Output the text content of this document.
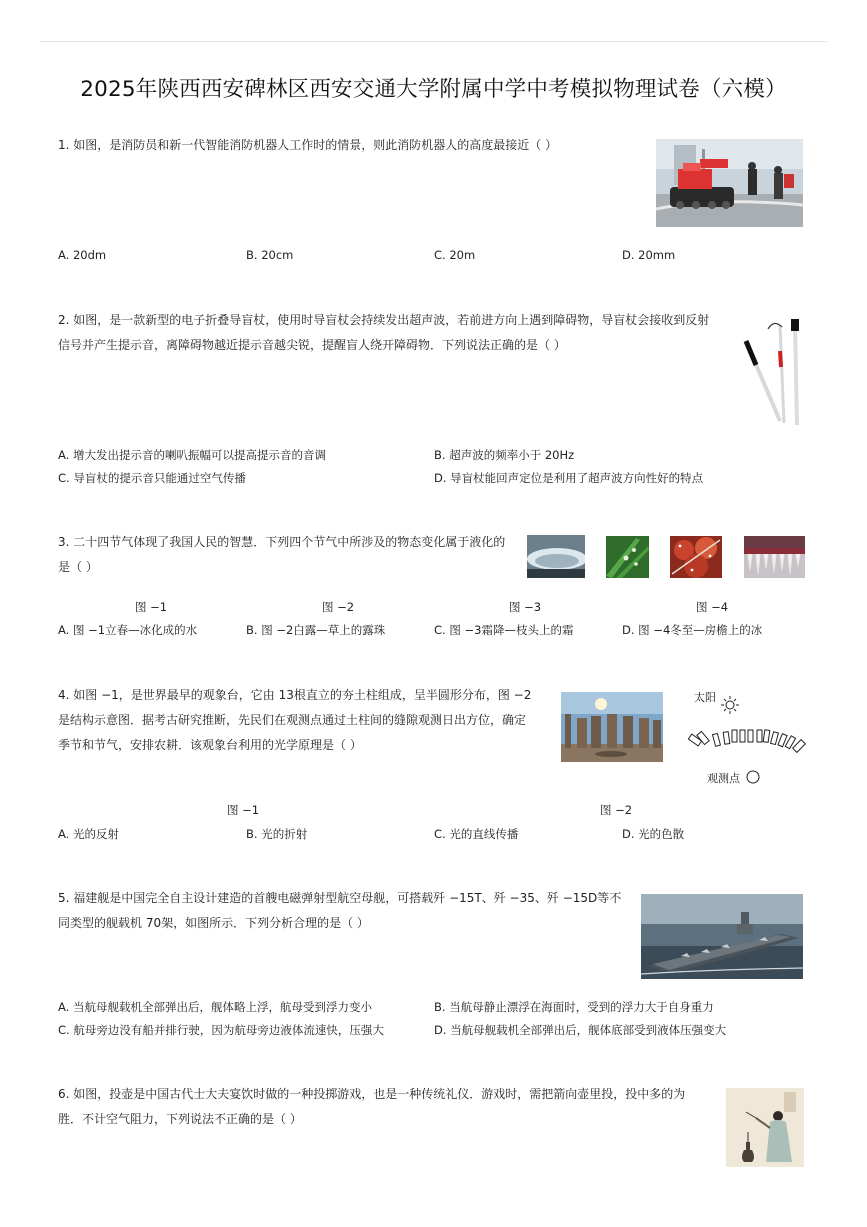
2025年陕西西安碑林区西安交通大学附属中学中考模拟物理试卷（六模）
1. 如图，是消防员和新一代智能消防机器人工作时的情景，则此消防机器人的高度最接近（ ）
A. 20dm	B. 20cm	C. 20m	D. 20mm
2. 如图，是一款新型的电子折叠导盲杖，使用时导盲杖会持续发出超声波，若前进方向上遇到障碍物，导盲杖会接收到反射信号并产生提示音，离障碍物越近提示音越尖锐，提醒盲人绕开障碍物．下列说法正确的是（ ）
A. 增大发出提示音的喇叭振幅可以提高提示音的音调	B. 超声波的频率小于 20Hz
C. 导盲杖的提示音只能通过空气传播	D. 导盲杖能回声定位是利用了超声波方向性好的特点
3. 二十四节气体现了我国人民的智慧．下列四个节气中所涉及的物态变化属于液化的是（ ）
图 −1	图 −2	图 −3	图 −4
A. 图 −1立春—冰化成的水	B. 图 −2白露—草上的露珠	C. 图 −3霜降—枝头上的霜	D. 图 −4冬至—房檐上的冰
4. 如图 −1，是世界最早的观象台，它由 13根直立的夯土柱组成，呈半圆形分布，图 −2是结构示意图．据考古研究推断，先民们在观测点通过土柱间的缝隙观测日出方位，确定季节和节气，安排农耕．该观象台利用的光学原理是（ ）
太阳
观测点
图 −1	图 −2
A. 光的反射	B. 光的折射	C. 光的直线传播	D. 光的色散
5. 福建舰是中国完全自主设计建造的首艘电磁弹射型航空母舰，可搭载歼 −15T、歼 −35、歼 −15D等不同类型的舰载机 70架，如图所示．下列分析合理的是（ ）
A. 当航母舰载机全部弹出后，舰体略上浮，航母受到浮力变小	B. 当航母静止漂浮在海面时，受到的浮力大于自身重力
C. 航母旁边没有船并排行驶，因为航母旁边液体流速快，压强大	D. 当航母舰载机全部弹出后，舰体底部受到液体压强变大
6. 如图，投壶是中国古代士大夫宴饮时做的一种投掷游戏，也是一种传统礼仪．游戏时，需把箭向壶里投，投中多的为胜．不计空气阻力，下列说法不正确的是（ ）
